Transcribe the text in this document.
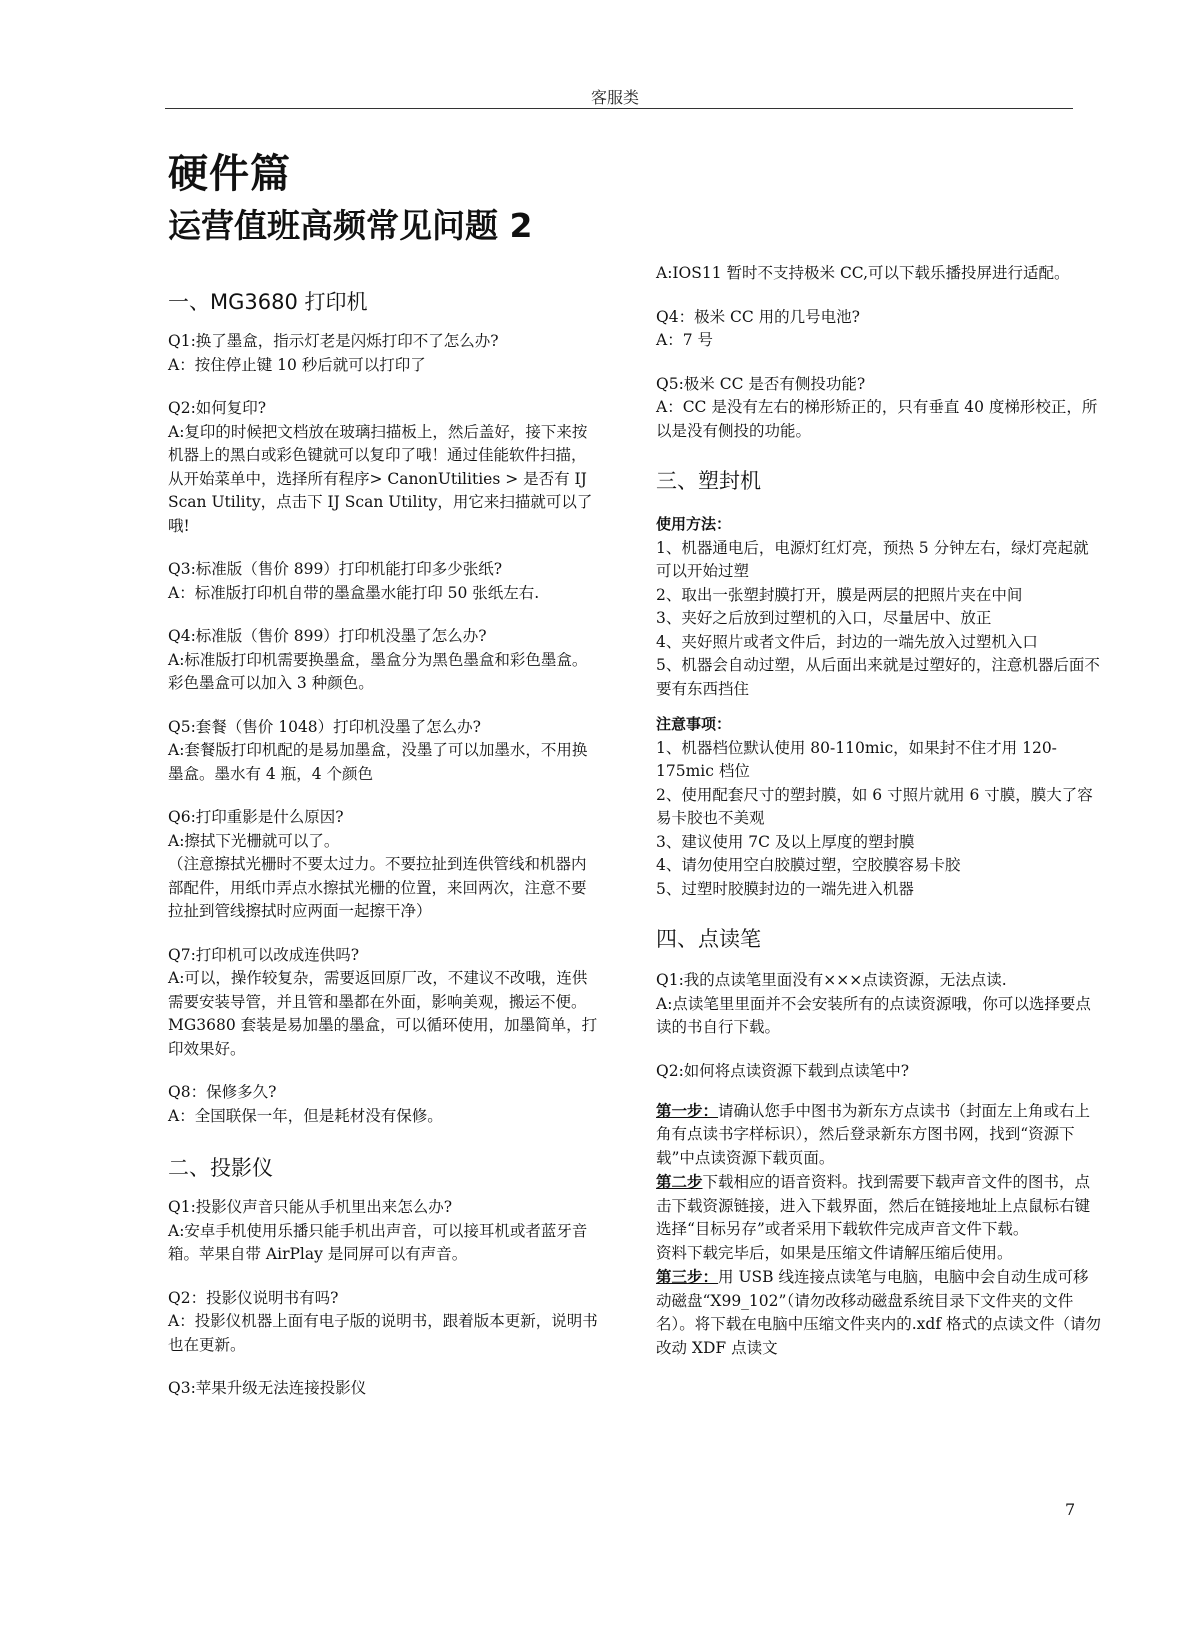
客服类
硬件篇
运营值班高频常见问题 2
一、MG3680 打印机

Q1:换了墨盒，指示灯老是闪烁打印不了怎么办?

A：按住停止键 10 秒后就可以打印了

Q2:如何复印?

A:复印的时候把文档放在玻璃扫描板上，然后盖好，接下来按机器上的黑白或彩色键就可以复印了哦！通过佳能软件扫描，从开始菜单中，选择所有程序> CanonUtilities > 是否有 IJ Scan Utility，点击下 IJ Scan Utility，用它来扫描就可以了哦!

Q3:标准版（售价 899）打印机能打印多少张纸?

A：标准版打印机自带的墨盒墨水能打印 50 张纸左右.

Q4:标准版（售价 899）打印机没墨了怎么办?

A:标准版打印机需要换墨盒，墨盒分为黑色墨盒和彩色墨盒。彩色墨盒可以加入 3 种颜色。

Q5:套餐（售价 1048）打印机没墨了怎么办?

A:套餐版打印机配的是易加墨盒，没墨了可以加墨水，不用换墨盒。墨水有 4 瓶，4 个颜色

Q6:打印重影是什么原因?

A:擦拭下光栅就可以了。

（注意擦拭光栅时不要太过力。不要拉扯到连供管线和机器内部配件，用纸巾弄点水擦拭光栅的位置，来回两次，注意不要拉扯到管线擦拭时应两面一起擦干净）

Q7:打印机可以改成连供吗?

A:可以，操作较复杂，需要返回原厂改，不建议不改哦，连供需要安装导管，并且管和墨都在外面，影响美观，搬运不便。MG3680 套装是易加墨的墨盒，可以循环使用，加墨简单，打印效果好。

Q8：保修多久?

A：全国联保一年，但是耗材没有保修。

二、投影仪

Q1:投影仪声音只能从手机里出来怎么办?

A:安卓手机使用乐播只能手机出声音，可以接耳机或者蓝牙音箱。苹果自带 AirPlay 是同屏可以有声音。

Q2：投影仪说明书有吗?

A：投影仪机器上面有电子版的说明书，跟着版本更新，说明书也在更新。

Q3:苹果升级无法连接投影仪

A:IOS11 暂时不支持极米 CC,可以下载乐播投屏进行适配。

Q4：极米 CC 用的几号电池?

A：7 号

Q5:极米 CC 是否有侧投功能?

A：CC 是没有左右的梯形矫正的，只有垂直 40 度梯形校正，所以是没有侧投的功能。

三、塑封机

使用方法：

1、机器通电后，电源灯红灯亮，预热 5 分钟左右，绿灯亮起就可以开始过塑

2、取出一张塑封膜打开，膜是两层的把照片夹在中间

3、夹好之后放到过塑机的入口，尽量居中、放正

4、夹好照片或者文件后，封边的一端先放入过塑机入口

5、机器会自动过塑，从后面出来就是过塑好的，注意机器后面不要有东西挡住

注意事项：

1、机器档位默认使用 80-110mic，如果封不住才用 120-175mic 档位

2、使用配套尺寸的塑封膜，如 6 寸照片就用 6 寸膜，膜大了容易卡胶也不美观

3、建议使用 7C 及以上厚度的塑封膜

4、请勿使用空白胶膜过塑，空胶膜容易卡胶

5、过塑时胶膜封边的一端先进入机器

四、点读笔

Q1:我的点读笔里面没有×××点读资源，无法点读.

A:点读笔里里面并不会安装所有的点读资源哦，你可以选择要点读的书自行下载。

Q2:如何将点读资源下载到点读笔中?

第一步：请确认您手中图书为新东方点读书（封面左上角或右上角有点读书字样标识），然后登录新东方图书网，找到“资源下载”中点读资源下载页面。

第二步下载相应的语音资料。找到需要下载声音文件的图书，点击下载资源链接，进入下载界面，然后在链接地址上点鼠标右键选择“目标另存”或者采用下载软件完成声音文件下载。

资料下载完毕后，如果是压缩文件请解压缩后使用。

第三步：用 USB 线连接点读笔与电脑，电脑中会自动生成可移动磁盘“X99_102”（请勿改移动磁盘系统目录下文件夹的文件名）。将下载在电脑中压缩文件夹内的.xdf 格式的点读文件（请勿改动 XDF 点读文

7
